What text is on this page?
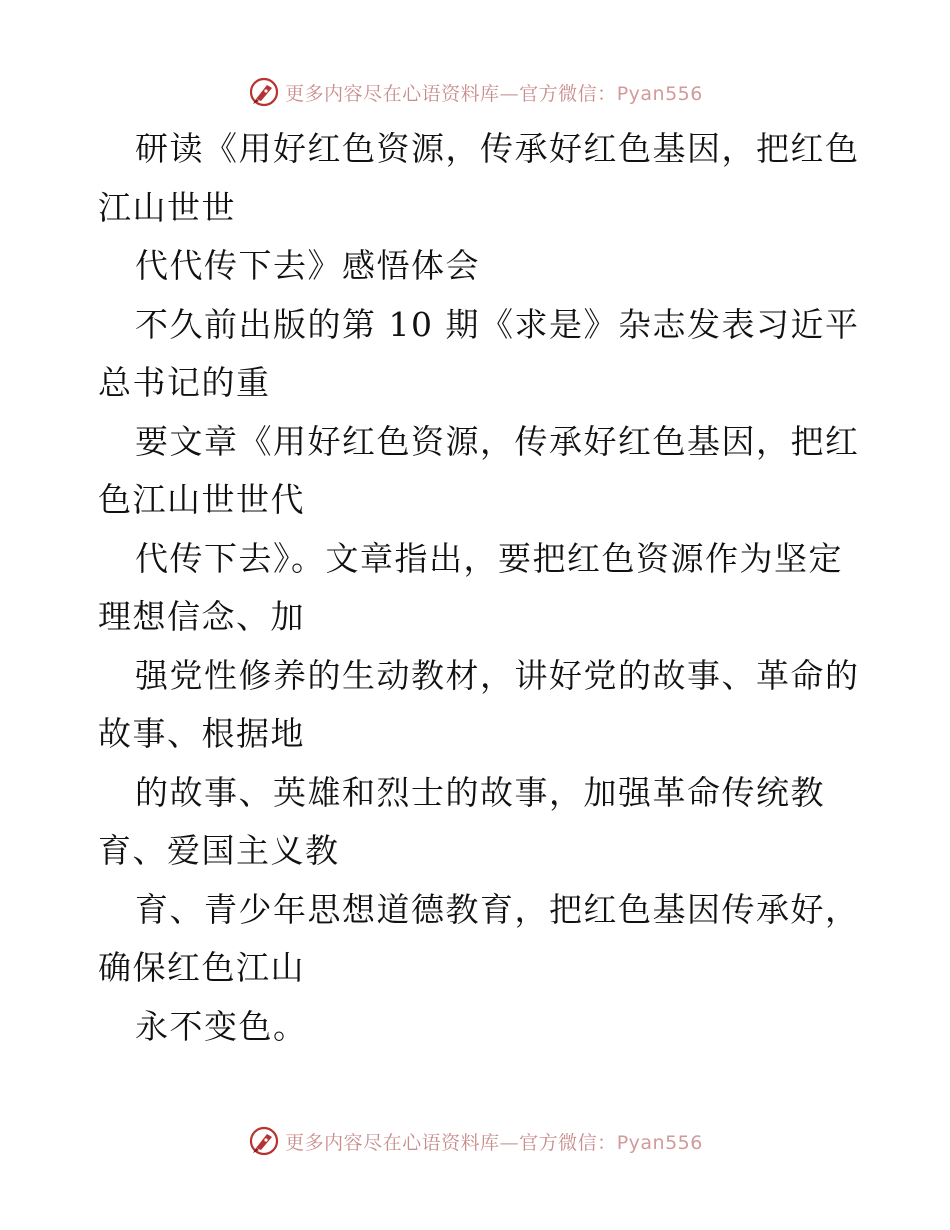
更多内容尽在心语资料库—官方微信：Pyan556
研读《用好红色资源，传承好红色基因，把红色
江山世世
代代传下去》感悟体会
不久前出版的第 10 期《求是》杂志发表习近平
总书记的重
要文章《用好红色资源，传承好红色基因，把红
色江山世世代
代传下去》。文章指出，要把红色资源作为坚定
理想信念、加
强党性修养的生动教材，讲好党的故事、革命的
故事、根据地
的故事、英雄和烈士的故事，加强革命传统教
育、爱国主义教
育、青少年思想道德教育，把红色基因传承好，
确保红色江山
永不变色。
更多内容尽在心语资料库—官方微信：Pyan556
